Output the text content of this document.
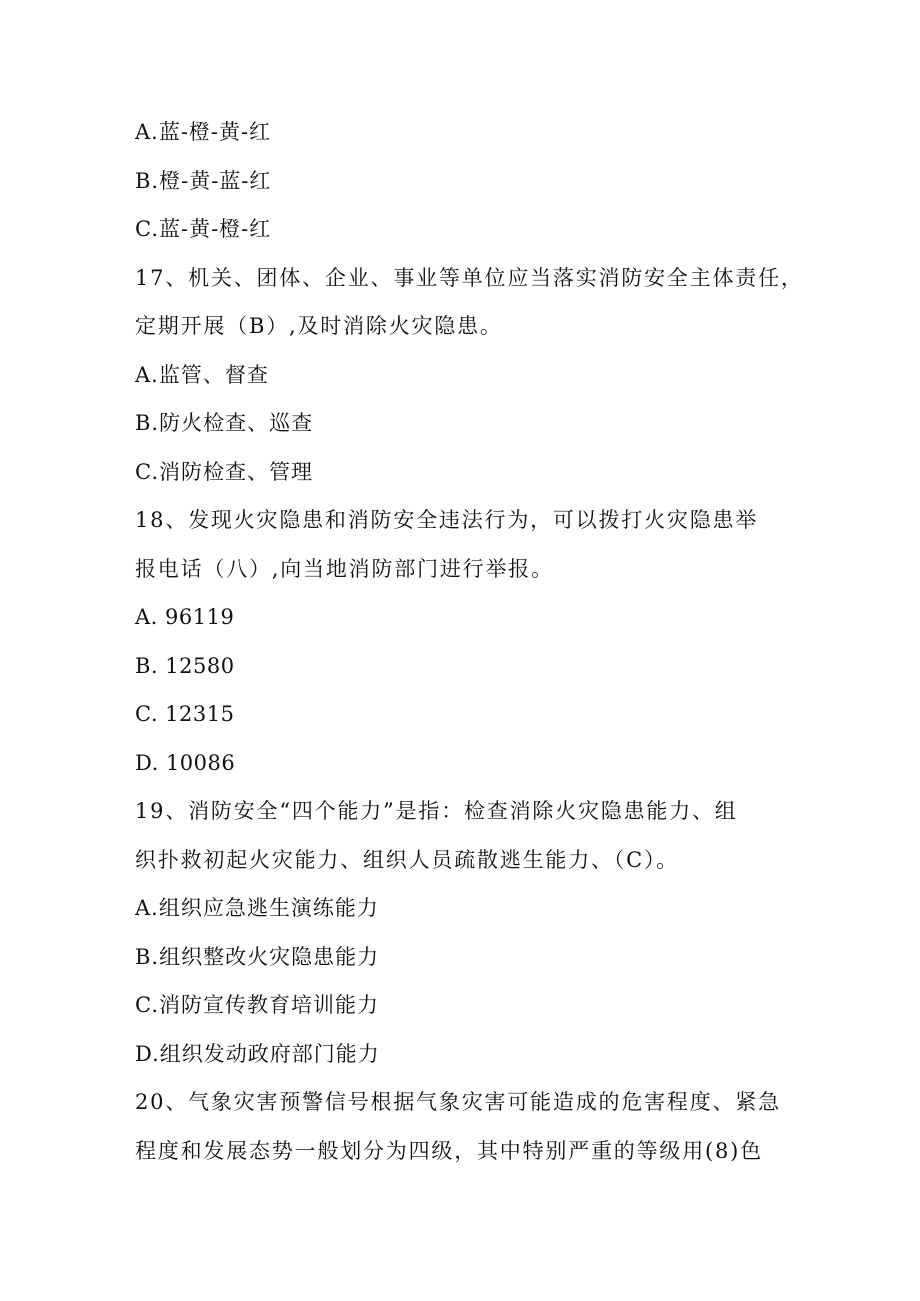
A.蓝-橙-黄-红
B.橙-黄-蓝-红
C.蓝-黄-橙-红
17、机关、团体、企业、事业等单位应当落实消防安全主体责任，
定期开展（B）,及时消除火灾隐患。
A.监管、督查
B.防火检查、巡查
C.消防检查、管理
18、发现火灾隐患和消防安全违法行为，可以拨打火灾隐患举
报电话（八）,向当地消防部门进行举报。
A. 96119
B. 12580
C. 12315
D. 10086
19、消防安全“四个能力”是指：检查消除火灾隐患能力、组
织扑救初起火灾能力、组织人员疏散逃生能力、（C）。
A.组织应急逃生演练能力
B.组织整改火灾隐患能力
C.消防宣传教育培训能力
D.组织发动政府部门能力
20、气象灾害预警信号根据气象灾害可能造成的危害程度、紧急
程度和发展态势一般划分为四级，其中特别严重的等级用(8)色
